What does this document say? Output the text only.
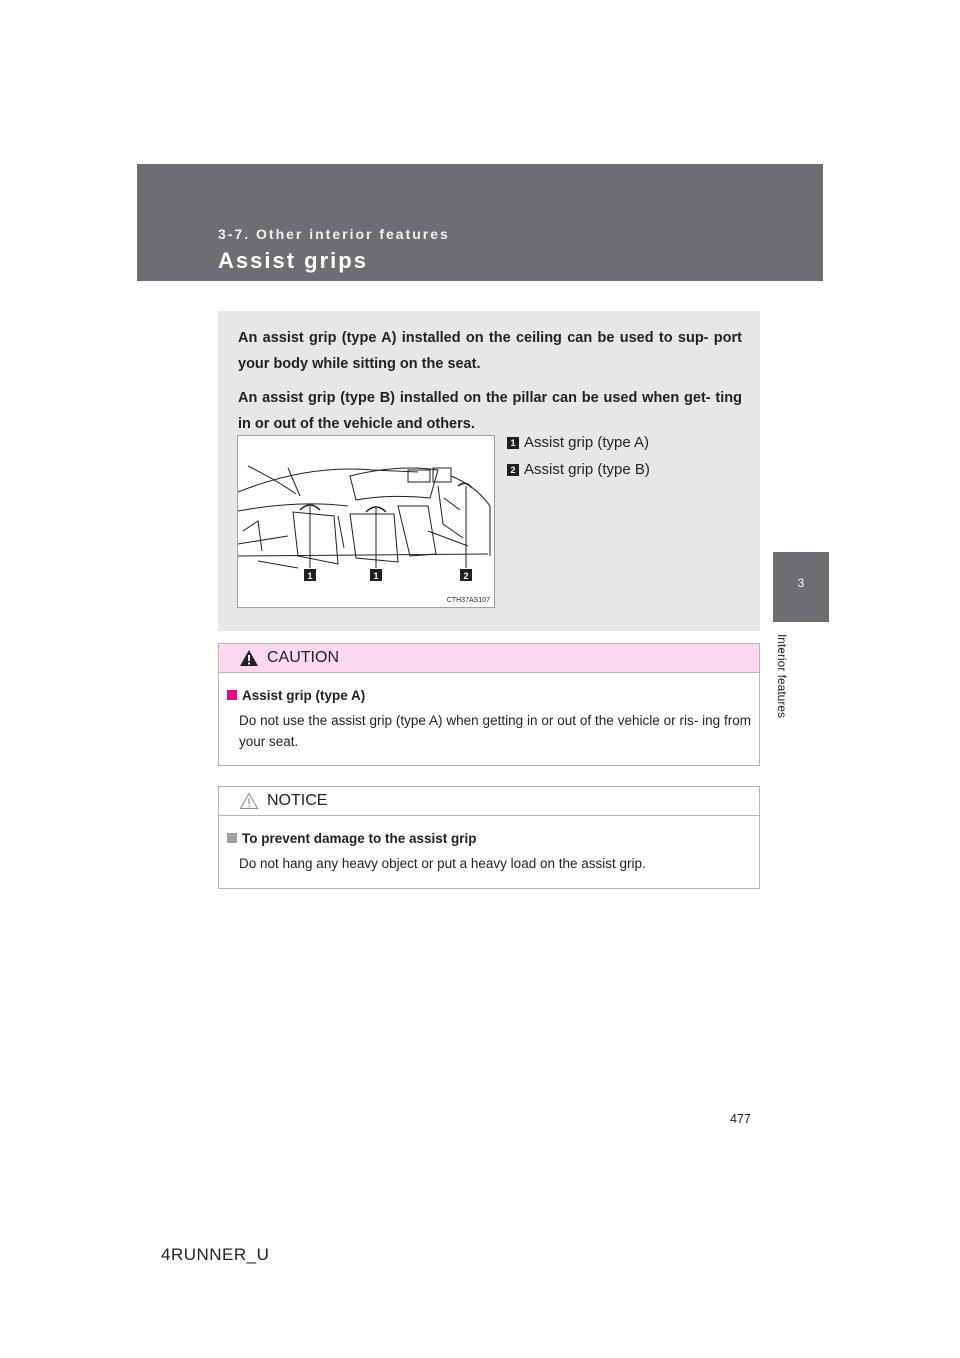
3-7. Other interior features
Assist grips
3
Interior features

An assist grip (type A) installed on the ceiling can be used to sup- port your body while sitting on the seat.

An assist grip (type B) installed on the pillar can be used when get- ting in or out of the vehicle and others.

1	1	2
CTH37AS107
1 Assist grip (type A)
2 Assist grip (type B)
CAUTION
Assist grip (type A)
Do not use the assist grip (type A) when getting in or out of the vehicle or ris- ing from your seat.
NOTICE
To prevent damage to the assist grip
Do not hang any heavy object or put a heavy load on the assist grip.
477
4RUNNER_U
